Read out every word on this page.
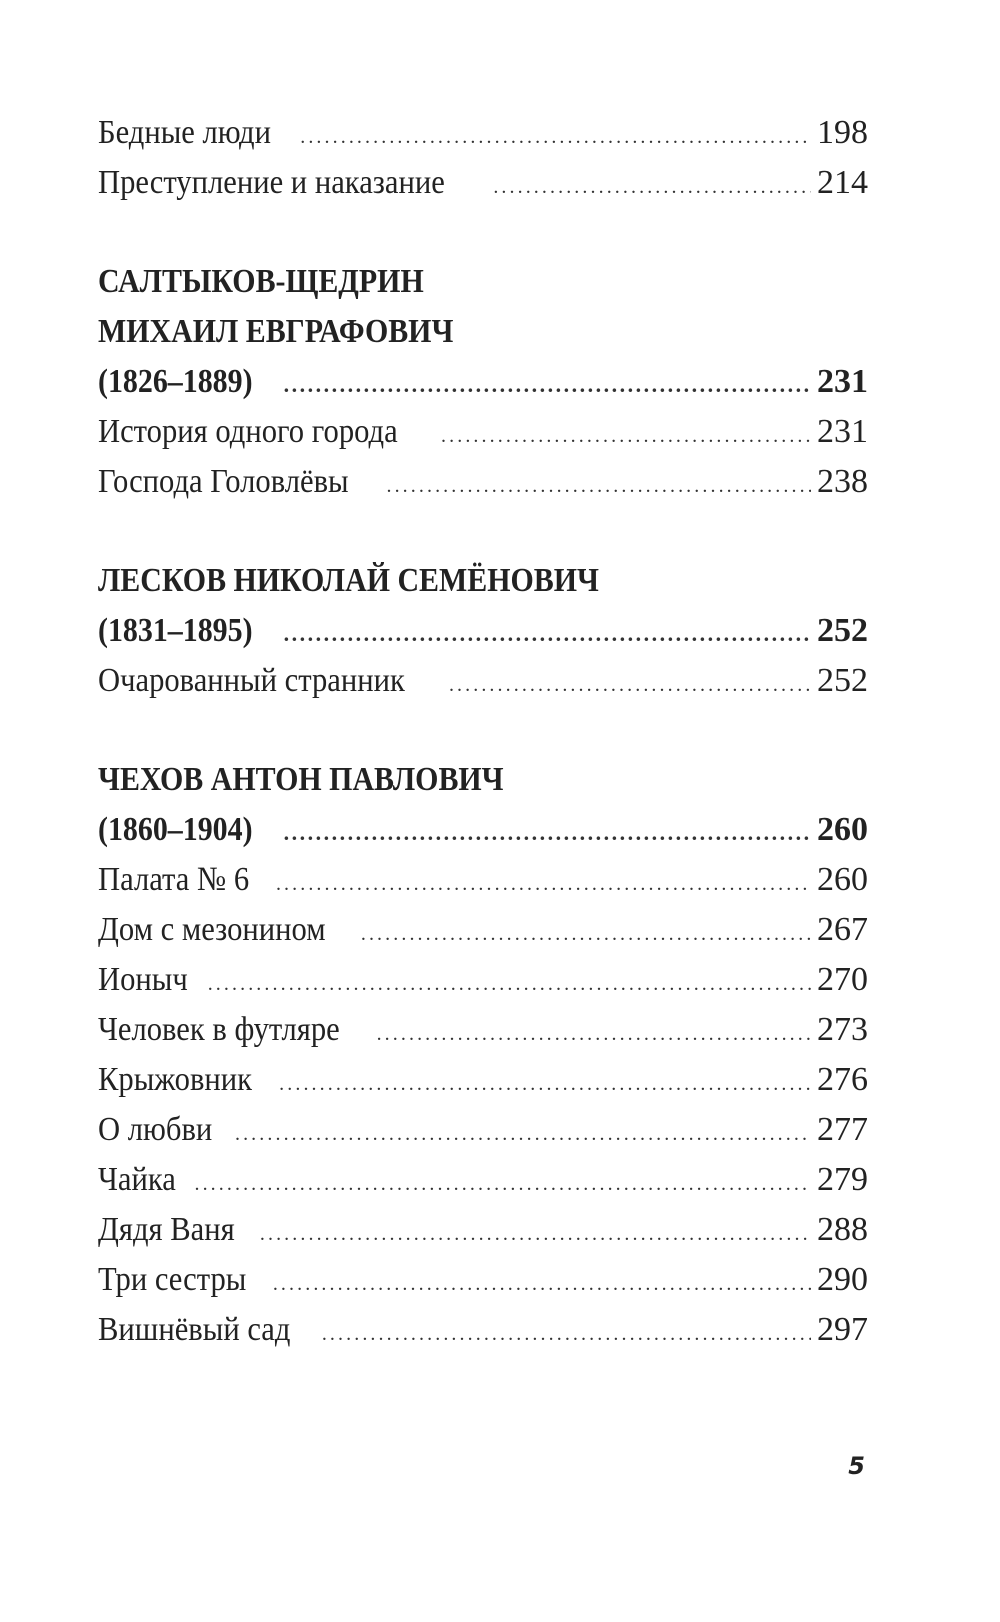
Бедные люди .....	198
Преступление и наказание .....	214
САЛТЫКОВ-ЩЕДРИН
МИХАИЛ ЕВГРАФОВИЧ
(1826–1889) .....	231
История одного города .....	231
Господа Головлёвы .....	238
ЛЕСКОВ НИКОЛАЙ СЕМЁНОВИЧ
(1831–1895) .....	252
Очарованный странник .....	252
ЧЕХОВ АНТОН ПАВЛОВИЧ
(1860–1904) .....	260
Палата № 6 .....	260
Дом с мезонином .....	267
Ионыч .....	270
Человек в футляре .....	273
Крыжовник .....	276
О любви .....	277
Чайка .....	279
Дядя Ваня .....	288
Три сестры .....	290
Вишнёвый сад .....	297
5
